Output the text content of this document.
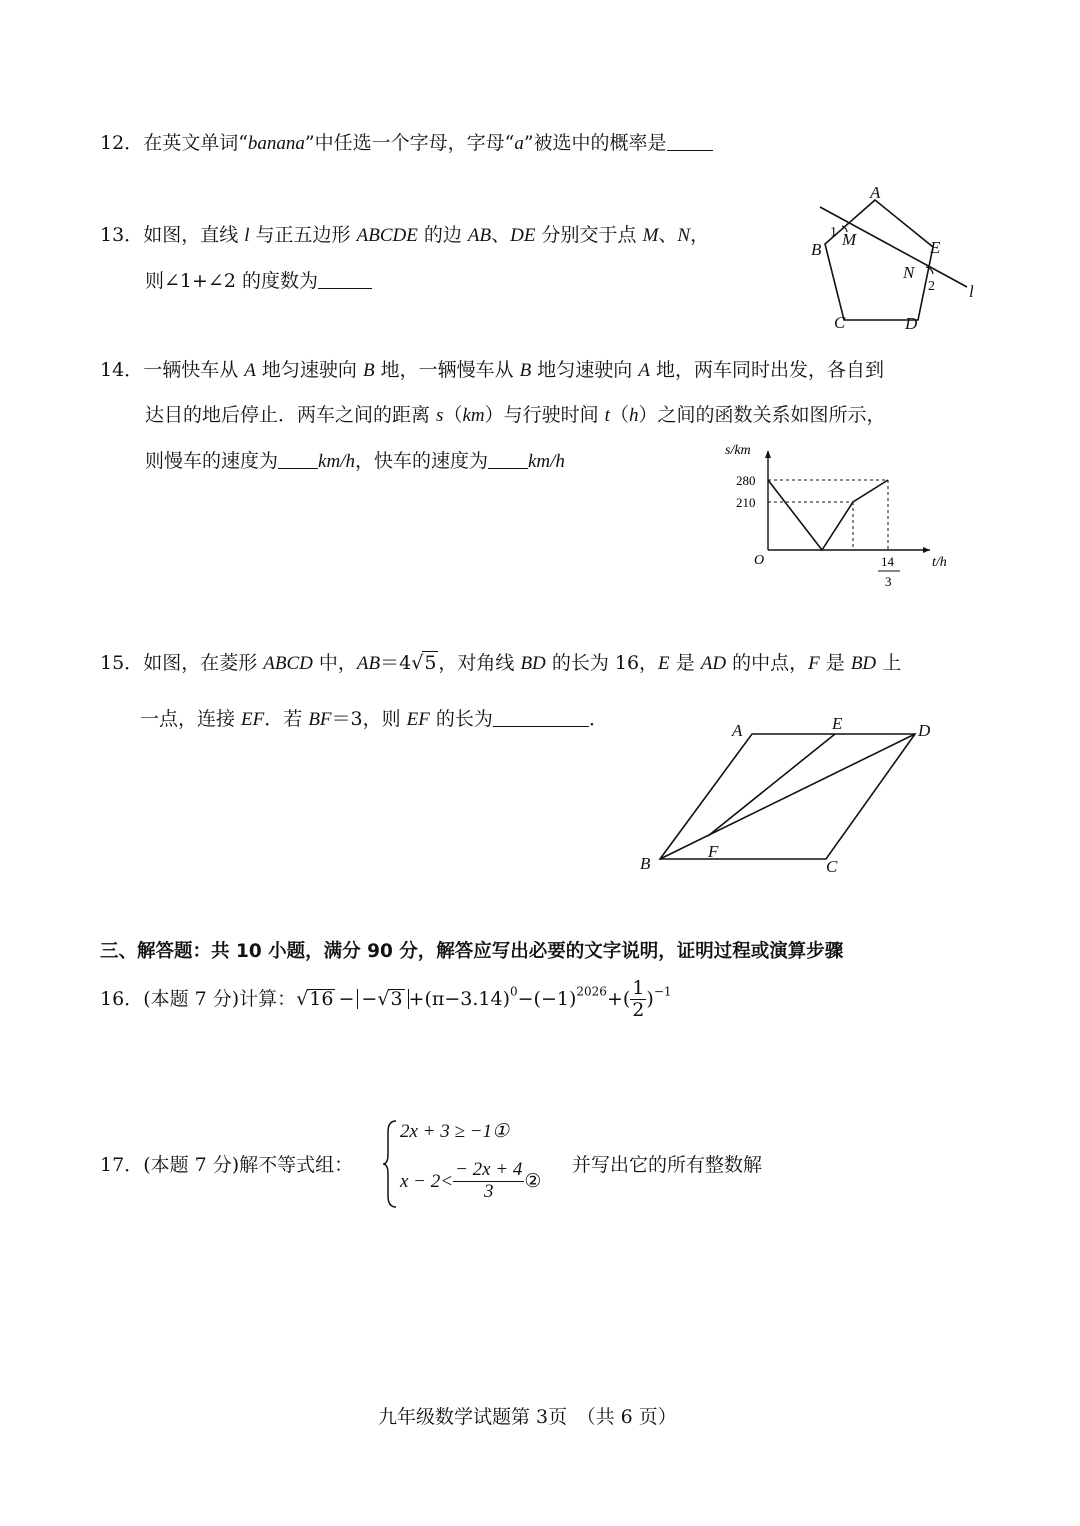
12．在英文单词“banana”中任选一个字母，字母“a”被选中的概率是
13．如图，直线 l 与正五边形 ABCDE 的边 AB、DE 分别交于点 M、N，
则∠1+∠2 的度数为
A
B
C	D
E
M
N
1
2 l
14．一辆快车从 A 地匀速驶向 B 地，一辆慢车从 B 地匀速驶向 A 地，两车同时出发，各自到
达目的地后停止．两车之间的距离 s（km）与行驶时间 t（h）之间的函数关系如图所示，
则慢车的速度为 km/h，快车的速度为 km/h
s/km
t/h
O
280
210
14
3
15．如图，在菱形 ABCD 中，AB＝4√5 ，对角线 BD 的长为 16，E 是 AD 的中点，F 是 BD 上
一点，连接 EF．若 BF＝3，则 EF 的长为	．
A	E	D
B
F
C
三、解答题：共 10 小题，满分 90 分，解答应写出必要的文字说明，证明过程或演算步骤
16．(本题 7 分)计算：$√16 - -√3 +(\pi-3.14)^0-(-1)^{2026}+( \frac{1}{2} )^{-1}$
17．(本题 7 分)解不等式组：
2x + 3 ≥ −1①
$x - 2< \frac{- 2x + 4}{3}$ ②
并写出它的所有整数解
九年级数学试题第 3页　（共 6 页）
